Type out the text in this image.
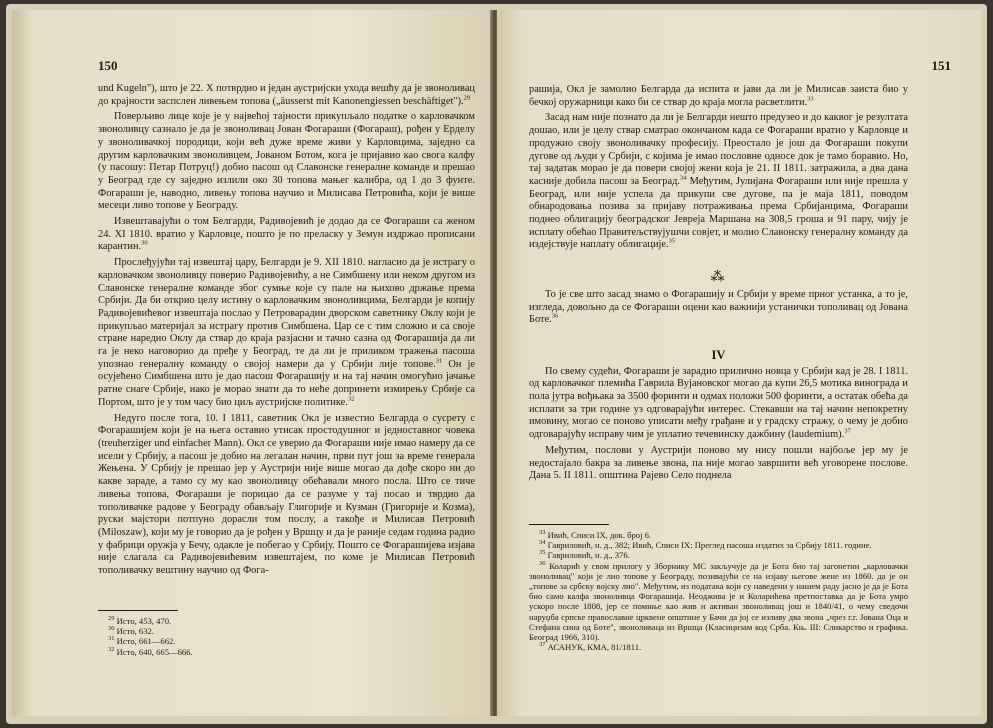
150

und Kugeln"), што је 22. X потврдио и један аустријски ухода вешћу да је звоноливац до крајности заспслен ливењем топова („äusserst mit Kanonengiessen beschäftiget").$^{29}$

Поверљиво лице које је у највећој тајности прикупљало податке о карловачком звоноливцу сазнало је да је звоноливац Јован Фогараши (Фогараш), рођен у Ерделу у звоноливачкој породици, који већ дуже време живи у Карловцима, заједно са другим карловачким звоноливцем, Јованом Ботом, кога је пријавио као свога калфу (у пасошу: Петар Потруц!) добио пасош од Славонске генералне команде и прешао у Београд где су заједно излили око 30 топова мањег калибра, од 1 до 3 фунте. Фогараши је, наводно, ливењу топова научио и Милисава Петровића, који је више месеци ливо топове у Београду.

Извештавајући о том Белгарди, Радивојевић је додао да се Фогараши са женом 24. XI 1810. вратио у Карловце, пошто је по преласку у Земун издржао прописани карантин.$^{30}$

Прослеђујући тај извештај цару, Белгарди је 9. XII 1810. нагласио да је истрагу о карловачком звоноливцу поверио Радивојевићу, а не Симбшену или неком другом из Славонске генералне команде због сумње које су пале на њихово држање према Србији. Да би открио целу истину о карловачким звоноливцима, Белгарди је копију Радивојевићевог извештаја послао у Петроварадин дворском саветнику Оклу који је прикупљао материјал за истрагу против Симбшена. Цар се с тим сложио и са своје стране наредио Оклу да ствар до краја разјасни и тачно сазна од Фогарашија да ли га је неко наговорио да пређе у Београд, те да ли је приликом тражења пасоша упознао генералну команду о својој намери да у Србији лије топове.$^{31}$ Он је осујећено Симбшена што је дао пасош Фогарашију и на тај начин омогућио јачање ратне снаге Србије, иако је морао знати да то неће допринети измирењу Србије са Портом, што је у том часу био циљ аустријске политике.$^{32}$

Недуго после тога, 10. I 1811, саветник Окл је известио Белгарда о сусрету с Фогарашијем који је на њега оставио утисак простодушног и једноставног човека (treuherziger und einfacher Mann). Окл се уверио да Фогараши није имао намеру да се исели у Србију, а пасош је добио на легалан начин, први пут још за време генерала Жењена. У Србију је прешао јер у Аустрији није више могао да дође скоро ни до какве зараде, а тамо су му као звоноливцу обећавали много посла. Што се тиче ливења топова, Фогараши је порицао да се разуме у тај посао и тврдио да тополивачке радове у Београду обављају Глигорије и Кузман (Григорије и Козма), руски мајстори потпуно дорасли том послу, а такође и Милисав Петровић (Miloszaw), који му је говорио да је рођен у Вршцу и да је раније седам година радио у фабрици оружја у Бечу, одакле је побегао у Србију. Пошто се Фогарашијева изјава није слагала са Радивојевићевим извештајем, по коме је Милисав Петровић тополивачку вештину научио од Фога-

$^{29}$ Исто, 453, 470.
$^{30}$ Исто, 632.
$^{31}$ Исто, 661—662.
$^{32}$ Исто, 640, 665—666.
151

рашија, Окл је замолио Белгарда да испита и јави да ли је Милисав заиста био у бечкој оружарници како би се ствар до краја могла расветлити.$^{33}$

Засад нам није познато да ли је Белгарди нешто предузео и до каквог је резултата дошао, или је целу ствар сматрао окончаном када се Фогараши вратио у Карловце и продужио своју звоноливачку професију. Преостало је још да Фогараши покупи дугове од људи у Србији, с којима је имао пословне односе док је тамо боравио. Но, тај задатак морао је да повери својој жени која је 21. II 1811. затражила, а два дана касније добила пасош за Београд.$^{34}$ Међутим, Јулијана Фогараши или није прешла у Београд, или није успела да прикупи све дугове, па је маја 1811, поводом обнародовања позива за пријаву потраживања према Србијанцима, Фогараши поднео облигацију београдског Јеврејa Маршана на 308,5 гроша и 91 пару, чију је исплату обећао Правитељствујушчи совјет, и молио Славонску генералну команду да издејствује наплату облигације.$^{35}$

⁂

То је све што засад знамо о Фогарашију и Србији у време прног устанка, а то је, изгледа, довољно да се Фогараши оцени као важнији устанички тополивац од Јована Боте.$^{36}$

IV

По свему судећи, Фогараши је зарадио прилично новца у Србији кад је 28. I 1811. од карловачког племића Гаврила Вујановског могао да купи 26,5 мотика винограда и пола јутра вођњака за 3500 форинти и одмах положи 500 форинти, а остатак обећа да исплати за три године уз одговарајући интерес. Стекавши на тај начин непокретну имовину, могао се поново уписати међу грађане и у градску стражу, о чему је добио одговарајућу исправу чим је уплатио течевинску дажбину (laudemium).$^{37}$

Међутим, послови у Аустрији поново му нису пошли најбоље јер му је недостајало бакра за ливење звона, па није могао завршити већ уговорене послове. Дана 5. II 1811. општина Рајево Село поднела

$^{33}$ Ивић, Списи IX, док. број 6.
$^{34}$ Гавриловић, н. д., 382; Ивић, Списи IX: Преглед пасоша издатих за Србију 1811. године.
$^{35}$ Гавриловић, н. д., 376.
$^{36}$ Коларић у свом прилогу у Зборнику МС закључује да је Бота био тај загонетни „карловачки звоноливац" који је лио топове у Београду, позивајући се на изјаву његове жене из 1860. да је он „топове за србску војску лио". Међутим, из података који су наведени у нашем раду јасно је да је Бота био само калфа звоноливца Фогарашија. Неоджива је и Коларићева претпоставка да је Бота умро ускоро после 1808, јер се помиње као жив и активан звоноливац још и 1840/41, о чему сведочи наруџба српске православне црквене општине у Бачи да јој се изливу два звона „чрез г.г. Јована Оца и Стефана сина од Боте", звоноливаца из Вршца (Класицизам код Срба. Књ. III: Сликарство и графика. Београд 1966, 310).
$^{37}$ АСАНУК, КМА, 81/1811.
